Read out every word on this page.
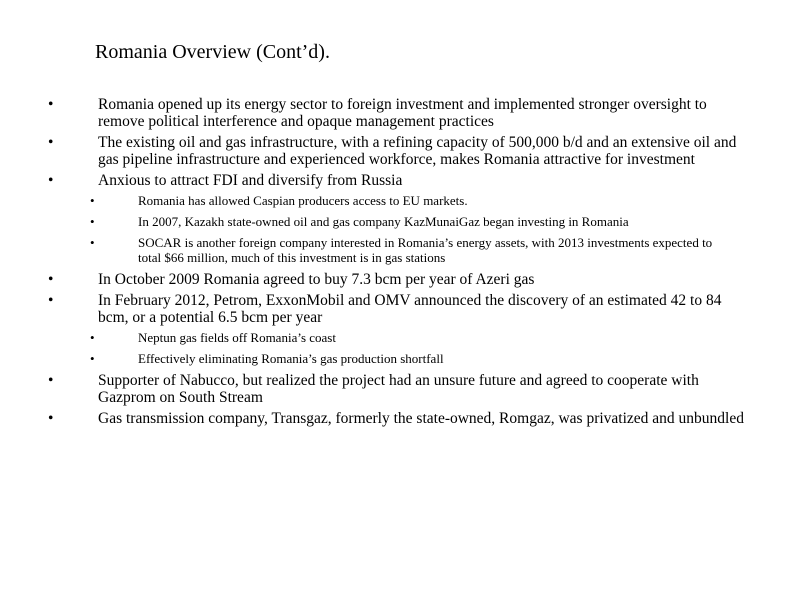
Romania Overview (Cont’d).
•	Romania opened up its energy sector to foreign investment and implemented stronger oversight to remove political interference and opaque management practices
•	The existing oil and gas infrastructure, with a refining capacity of 500,000 b/d and an extensive oil and gas pipeline infrastructure and experienced workforce, makes Romania attractive for investment
•	Anxious to attract FDI and diversify from Russia
•	Romania has allowed Caspian producers access to EU markets.
•	In 2007, Kazakh state-owned oil and gas company KazMunaiGaz began investing in Romania
•	SOCAR is another foreign company interested in Romania’s energy assets, with 2013 investments expected to total $66 million, much of this investment is in gas stations
•	In October 2009 Romania agreed to buy 7.3 bcm per year of Azeri gas
•	In February 2012, Petrom, ExxonMobil and OMV announced the discovery of an estimated 42 to 84 bcm, or a potential 6.5 bcm per year
•	Neptun gas fields off Romania’s coast
•	Effectively eliminating Romania’s gas production shortfall
•	Supporter of Nabucco, but realized the project had an unsure future and agreed to cooperate with Gazprom on South Stream
•	Gas transmission company, Transgaz, formerly the state-owned, Romgaz, was privatized and unbundled
